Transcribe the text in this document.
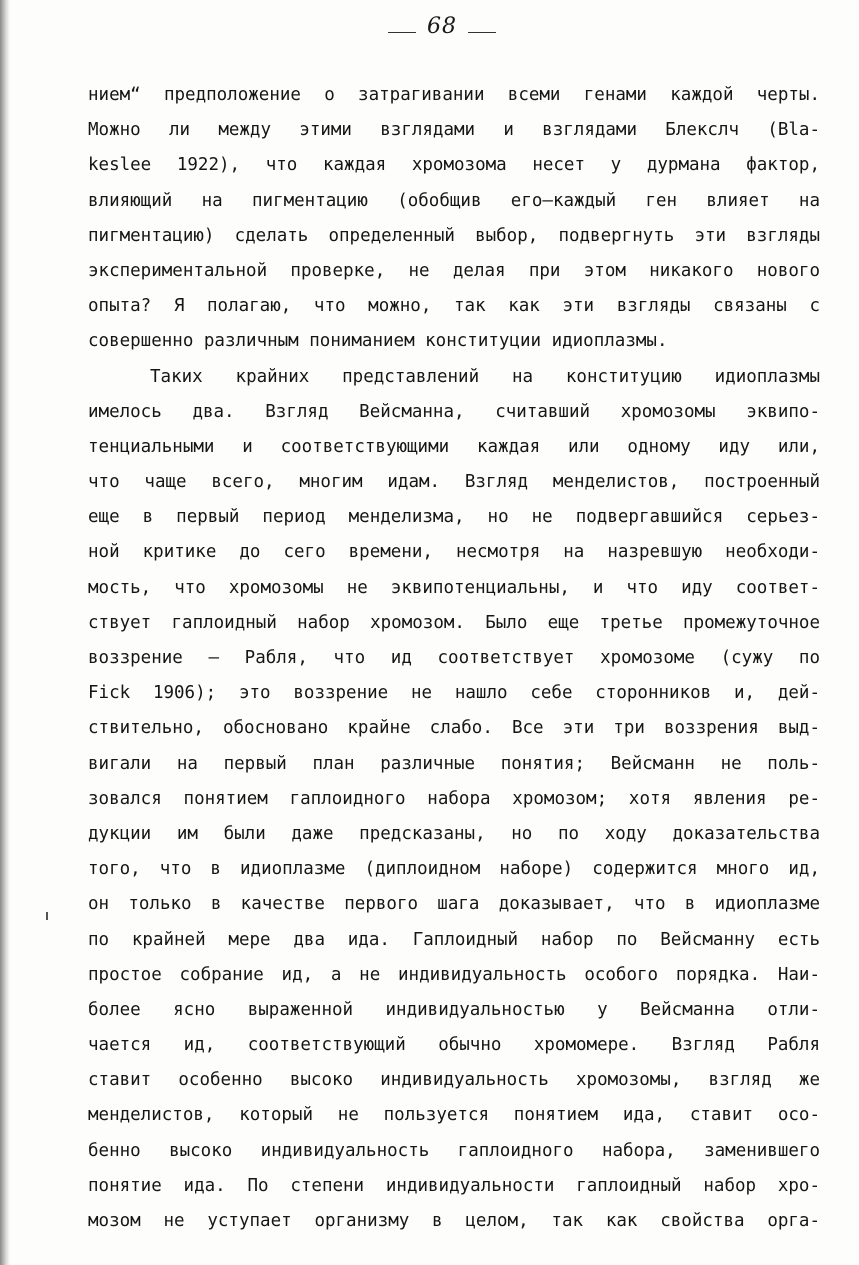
68
нием“ предположение о затрагивании всеми генами каждой черты.
Можно ли между этими взглядами и взглядами Блекслч (Bla-
keslee 1922), что каждая хромозома несет у дурмана фактор,
влияющий на пигментацию (обобщив его—каждый ген влияет на
пигментацию) сделать определенный выбор, подвергнуть эти взгляды
экспериментальной проверке, не делая при этом никакого нового
опыта? Я полагаю, что можно, так как эти взгляды связаны с
совершенно различным пониманием конституции идиоплазмы.
Таких крайних представлений на конституцию идиоплазмы
имелось два. Взгляд Вейсманна, считавший хромозомы эквипо-
тенциальными и соответствующими каждая или одному иду или,
что чаще всего, многим идам. Взгляд менделистов, построенный
еще в первый период менделизма, но не подвергавшийся серьез-
ной критике до сего времени, несмотря на назревшую необходи-
мость, что хромозомы не эквипотенциальны, и что иду соответ-
ствует гаплоидный набор хромозом. Было еще третье промежуточное
воззрение — Рабля, что ид соответствует хромозоме (сужу по
Fick 1906); это воззрение не нашло себе сторонников и, дей-
ствительно, обосновано крайне слабо. Все эти три воззрения выд-
вигали на первый план различные понятия; Вейсманн не поль-
зовался понятием гаплоидного набора хромозом; хотя явления ре-
дукции им были даже предсказаны, но по ходу доказательства
того, что в идиоплазме (диплоидном наборе) содержится много ид,
он только в качестве первого шага доказывает, что в идиоплазме
по крайней мере два ида. Гаплоидный набор по Вейсманну есть
простое собрание ид, а не индивидуальность особого порядка. Наи-
более ясно выраженной индивидуальностью у Вейсманна отли-
чается ид, соответствующий обычно хромомере. Взгляд Рабля
ставит особенно высоко индивидуальность хромозомы, взгляд же
менделистов, который не пользуется понятием ида, ставит осо-
бенно высоко индивидуальность гаплоидного набора, заменившего
понятие ида. По степени индивидуальности гаплоидный набор хро-
мозом не уступает организму в целом, так как свойства орга-
